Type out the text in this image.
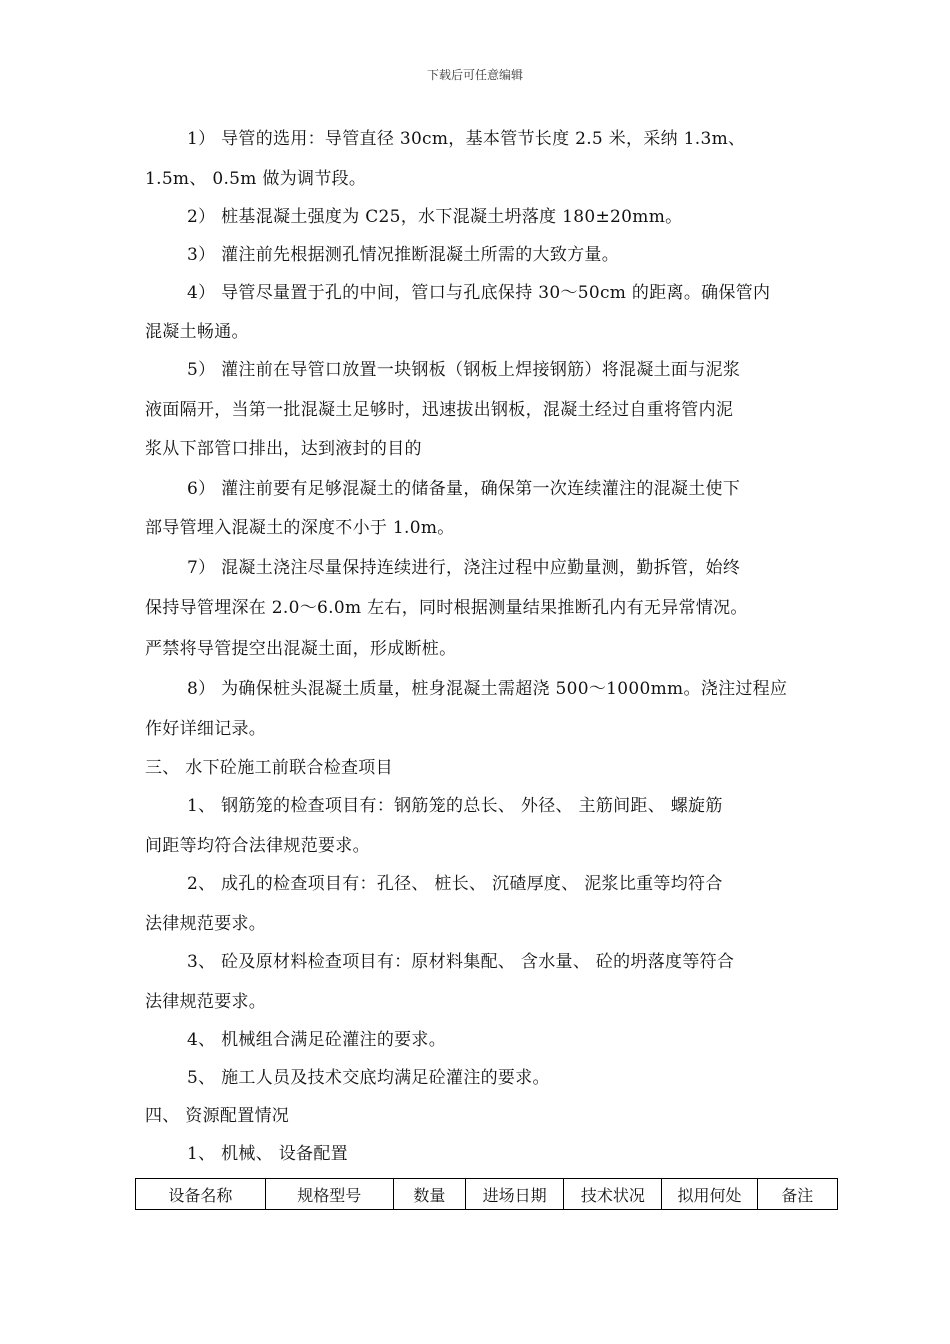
下载后可任意编辑
1） 导管的选用：导管直径 30cm，基本管节长度 2.5 米，采纳 1.3m、
1.5m、 0.5m 做为调节段。
2） 桩基混凝土强度为 C25，水下混凝土坍落度 180±20mm。
3） 灌注前先根据测孔情况推断混凝土所需的大致方量。
4） 导管尽量置于孔的中间，管口与孔底保持 30～50cm 的距离。确保管内
混凝土畅通。
5） 灌注前在导管口放置一块钢板（钢板上焊接钢筋）将混凝土面与泥浆
液面隔开，当第一批混凝土足够时，迅速拔出钢板，混凝土经过自重将管内泥
浆从下部管口排出，达到液封的目的
6） 灌注前要有足够混凝土的储备量，确保第一次连续灌注的混凝土使下
部导管埋入混凝土的深度不小于 1.0m。
7） 混凝土浇注尽量保持连续进行，浇注过程中应勤量测，勤拆管，始终
保持导管埋深在 2.0～6.0m 左右，同时根据测量结果推断孔内有无异常情况。
严禁将导管提空出混凝土面，形成断桩。
8） 为确保桩头混凝土质量，桩身混凝土需超浇 500～1000mm。浇注过程应
作好详细记录。
三、 水下砼施工前联合检查项目
1、 钢筋笼的检查项目有：钢筋笼的总长、 外径、 主筋间距、 螺旋筋
间距等均符合法律规范要求。
2、 成孔的检查项目有：孔径、 桩长、 沉碴厚度、 泥浆比重等均符合
法律规范要求。
3、 砼及原材料检查项目有：原材料集配、 含水量、 砼的坍落度等符合
法律规范要求。
4、 机械组合满足砼灌注的要求。
5、 施工人员及技术交底均满足砼灌注的要求。
四、 资源配置情况
1、 机械、 设备配置
设备名称	规格型号	数量	进场日期	技术状况	拟用何处	备注
